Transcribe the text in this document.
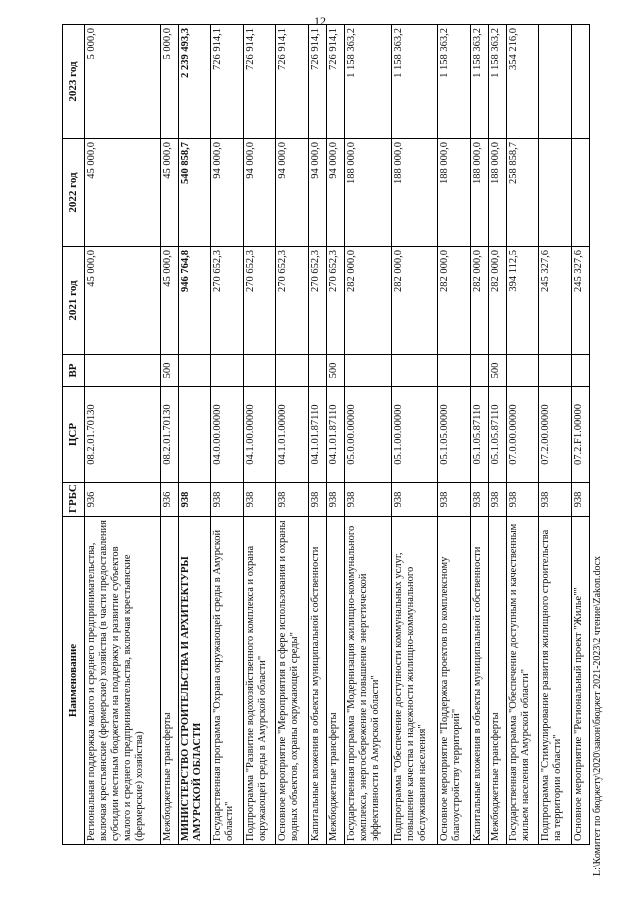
12
Наименование	ГРБС	ЦСР	ВР	2021 год	2022 год	2023 год
Региональная поддержка малого и среднего предпринимательства, включая крестьянские (фермерские) хозяйства (в части предоставления субсидии местным бюджетам на поддержку и развитие субъектов малого и среднего предпринимательства, включая крестьянские (фермерские) хозяйства)	936	08.2.01.70130		45 000,0	45 000,0	5 000,0
Межбюджетные трансферты	936	08.2.01.70130	500	45 000,0	45 000,0	5 000,0
МИНИСТЕРСТВО СТРОИТЕЛЬСТВА И АРХИТЕКТУРЫ АМУРСКОЙ ОБЛАСТИ	938			946 764,8	540 858,7	2 239 493,3
Государственная программа "Охрана окружающей среды в Амурской области"	938	04.0.00.00000		270 652,3	94 000,0	726 914,1
Подпрограмма "Развитие водохозяйственного комплекса и охрана окружающей среды в Амурской области"	938	04.1.00.00000		270 652,3	94 000,0	726 914,1
Основное мероприятие "Мероприятия в сфере использования и охраны водных объектов, охраны окружающей среды"	938	04.1.01.00000		270 652,3	94 000,0	726 914,1
Капитальные вложения в объекты муниципальной собственности	938	04.1.01.87110		270 652,3	94 000,0	726 914,1
Межбюджетные трансферты	938	04.1.01.87110	500	270 652,3	94 000,0	726 914,1
Государственная программа "Модернизация жилищно-коммунального комплекса, энергосбережение и повышение энергетической эффективности в Амурской области"	938	05.0.00.00000		282 000,0	188 000,0	1 158 363,2
Подпрограмма "Обеспечение доступности коммунальных услуг, повышение качества и надежности жилищно-коммунального обслуживания населения"	938	05.1.00.00000		282 000,0	188 000,0	1 158 363,2
Основное мероприятие "Поддержка проектов по комплексному благоустройству территорий"	938	05.1.05.00000		282 000,0	188 000,0	1 158 363,2
Капитальные вложения в объекты муниципальной собственности	938	05.1.05.87110		282 000,0	188 000,0	1 158 363,2
Межбюджетные трансферты	938	05.1.05.87110	500	282 000,0	188 000,0	1 158 363,2
Государственная программа "Обеспечение доступным и качественным жильем населения Амурской области"	938	07.0.00.00000		394 112,5	258 858,7	354 216,0
Подпрограмма "Стимулирование развития жилищного строительства на территории области"	938	07.2.00.00000		245 327,6		
Основное мероприятие "Региональный проект "Жилье""	938	07.2.F1.00000		245 327,6		
L:\Комитет по бюджету\2020\закон\бюджет 2021-2023\2 чтение\Zakon.docx
